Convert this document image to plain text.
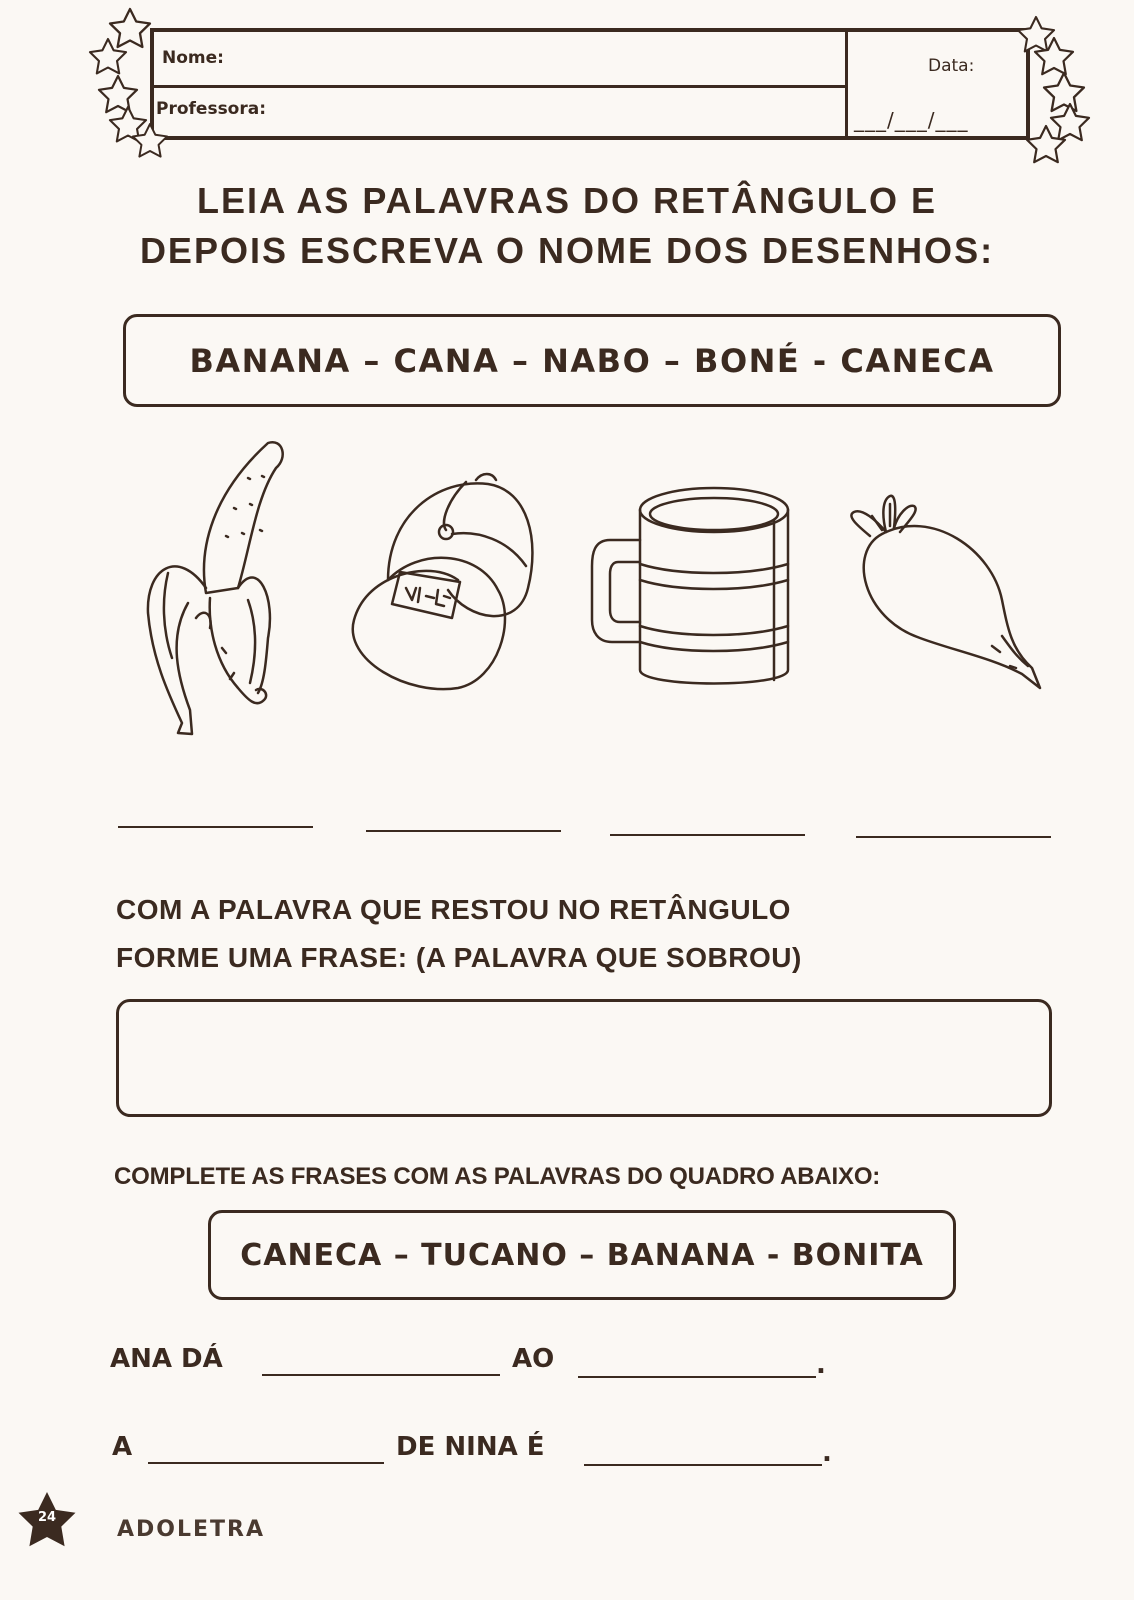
Nome:
Professora:
Data:
___/___/___
LEIA AS PALAVRAS DO RETÂNGULO E
DEPOIS ESCREVA O NOME DOS DESENHOS:
BANANA – CANA – NABO – BONÉ - CANECA
COM A PALAVRA QUE RESTOU NO RETÂNGULO
FORME UMA FRASE: (A PALAVRA QUE SOBROU)
COMPLETE AS FRASES COM AS PALAVRAS DO QUADRO ABAIXO:
CANECA – TUCANO – BANANA - BONITA
ANA DÁ	AO	.
A	DE NINA É	.
24	ADOLETRA
